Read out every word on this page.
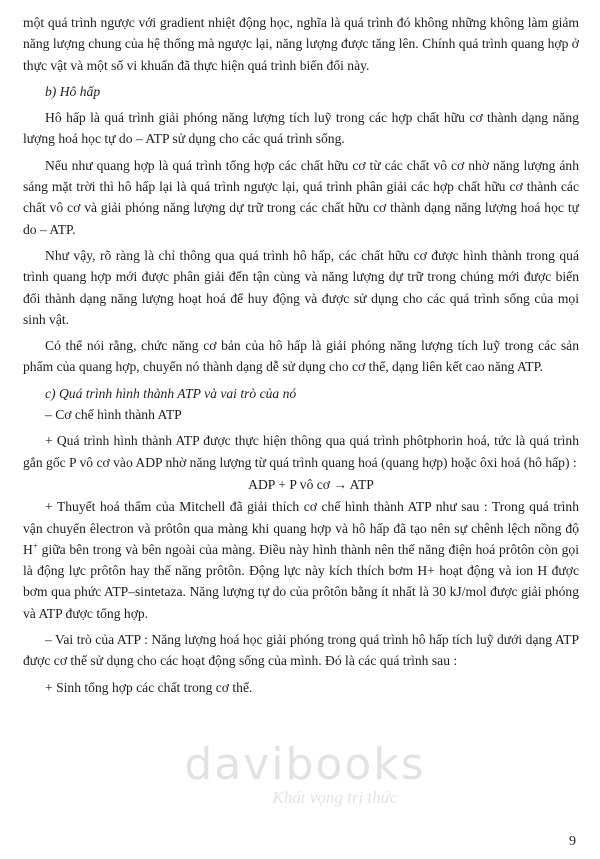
một quá trình ngược với gradient nhiệt động học, nghĩa là quá trình đó không những không làm giảm năng lượng chung của hệ thống mà ngược lại, năng lượng được tăng lên. Chính quá trình quang hợp ở thực vật và một số vi khuẩn đã thực hiện quá trình biến đổi này.

b) Hô hấp

Hô hấp là quá trình giải phóng năng lượng tích luỹ trong các hợp chất hữu cơ thành dạng năng lượng hoá học tự do – ATP sử dụng cho các quá trình sống.

Nếu như quang hợp là quá trình tổng hợp các chất hữu cơ từ các chất vô cơ nhờ năng lượng ánh sáng mặt trời thì hô hấp lại là quá trình ngược lại, quá trình phân giải các hợp chất hữu cơ thành các chất vô cơ và giải phóng năng lượng dự trữ trong các chất hữu cơ thành dạng năng lượng hoá học tự do – ATP.

Như vậy, rõ ràng là chỉ thông qua quá trình hô hấp, các chất hữu cơ được hình thành trong quá trình quang hợp mới được phân giải đến tận cùng và năng lượng dự trữ trong chúng mới được biến đổi thành dạng năng lượng hoạt hoá để huy động và được sử dụng cho các quá trình sống của mọi sinh vật.

Có thể nói rằng, chức năng cơ bản của hô hấp là giải phóng năng lượng tích luỹ trong các sản phẩm của quang hợp, chuyển nó thành dạng dễ sử dụng cho cơ thể, dạng liên kết cao năng ATP.

c) Quá trình hình thành ATP và vai trò của nó

– Cơ chế hình thành ATP

+ Quá trình hình thành ATP được thực hiện thông qua quá trình phôtphorin hoá, tức là quá trình gắn gốc P vô cơ vào ADP nhờ năng lượng từ quá trình quang hoá (quang hợp) hoặc ôxi hoá (hô hấp) :

ADP + P vô cơ → ATP

+ Thuyết hoá thẩm của Mitchell đã giải thích cơ chế hình thành ATP như sau : Trong quá trình vận chuyển êlectron và prôtôn qua màng khi quang hợp và hô hấp đã tạo nên sự chênh lệch nồng độ H+ giữa bên trong và bên ngoài của màng. Điều này hình thành nên thế năng điện hoá prôtôn còn gọi là động lực prôtôn hay thế năng prôtôn. Động lực này kích thích bơm H+ hoạt động và ion H được bơm qua phức ATP–sintetaza. Năng lượng tự do của prôtôn bằng ít nhất là 30 kJ/mol được giải phóng và ATP được tổng hợp.

– Vai trò của ATP : Năng lượng hoá học giải phóng trong quá trình hô hấp tích luỹ dưới dạng ATP được cơ thể sử dụng cho các hoạt động sống của mình. Đó là các quá trình sau :

+ Sinh tổng hợp các chất trong cơ thể.

davibooks
Khát vọng tri thức
9
